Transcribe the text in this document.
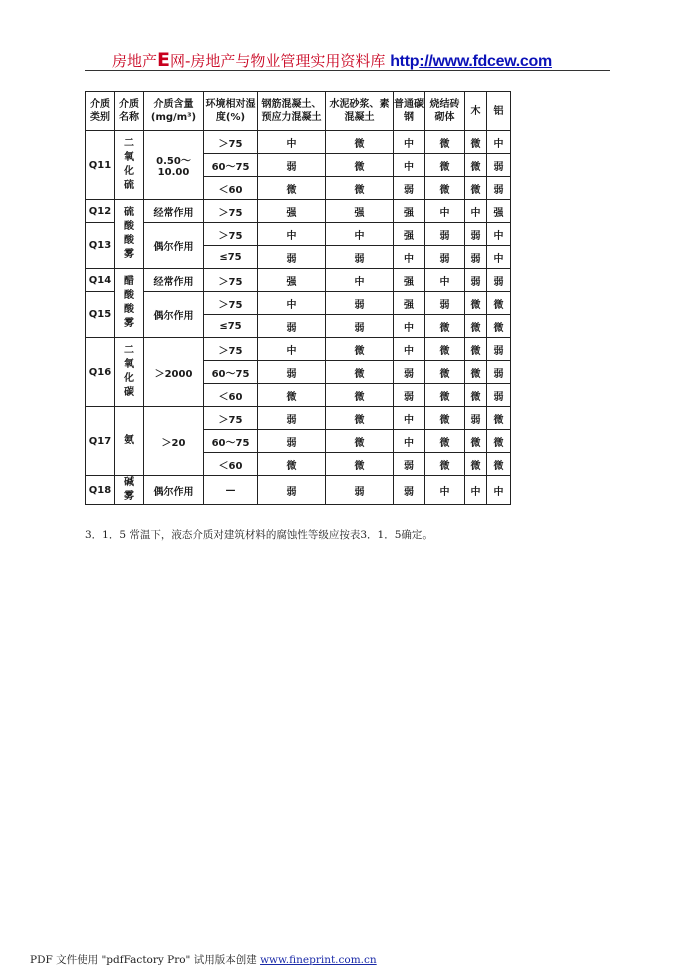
房地产E网-房地产与物业管理实用资料库 http://www.fdcew.com
介质类别	介质名称	介质含量(mg/m³)	环境相对湿度(%)	钢筋混凝土、预应力混凝土	水泥砂浆、素混凝土	普通碳钢	烧结砖砌体	木	铝
Q11	二氧化硫	0.50～10.00	＞75	中	微	中	微	微	中
			60～75	弱	微	中	微	微	弱
			＜60	微	微	弱	微	微	弱
Q12	硫酸酸雾	经常作用	＞75	强	强	强	中	中	强
Q13		偶尔作用	＞75	中	中	强	弱	弱	中
			≤75	弱	弱	中	弱	弱	中
Q14	醋酸酸雾	经常作用	＞75	强	中	强	中	弱	弱
Q15		偶尔作用	＞75	中	弱	强	弱	微	微
			≤75	弱	弱	中	微	微	微
Q16	二氧化碳	＞2000	＞75	中	微	中	微	微	弱
			60～75	弱	微	弱	微	微	弱
			＜60	微	微	弱	微	微	弱
Q17	氨	＞20	＞75	弱	微	中	微	弱	微
			60～75	弱	微	中	微	微	微
			＜60	微	微	弱	微	微	微
Q18	碱雾	偶尔作用	—	弱	弱	弱	中	中	中
3．1．5 常温下，液态介质对建筑材料的腐蚀性等级应按表3．1．5确定。
PDF 文件使用 "pdfFactory Pro" 试用版本创建 www.fineprint.com.cn
